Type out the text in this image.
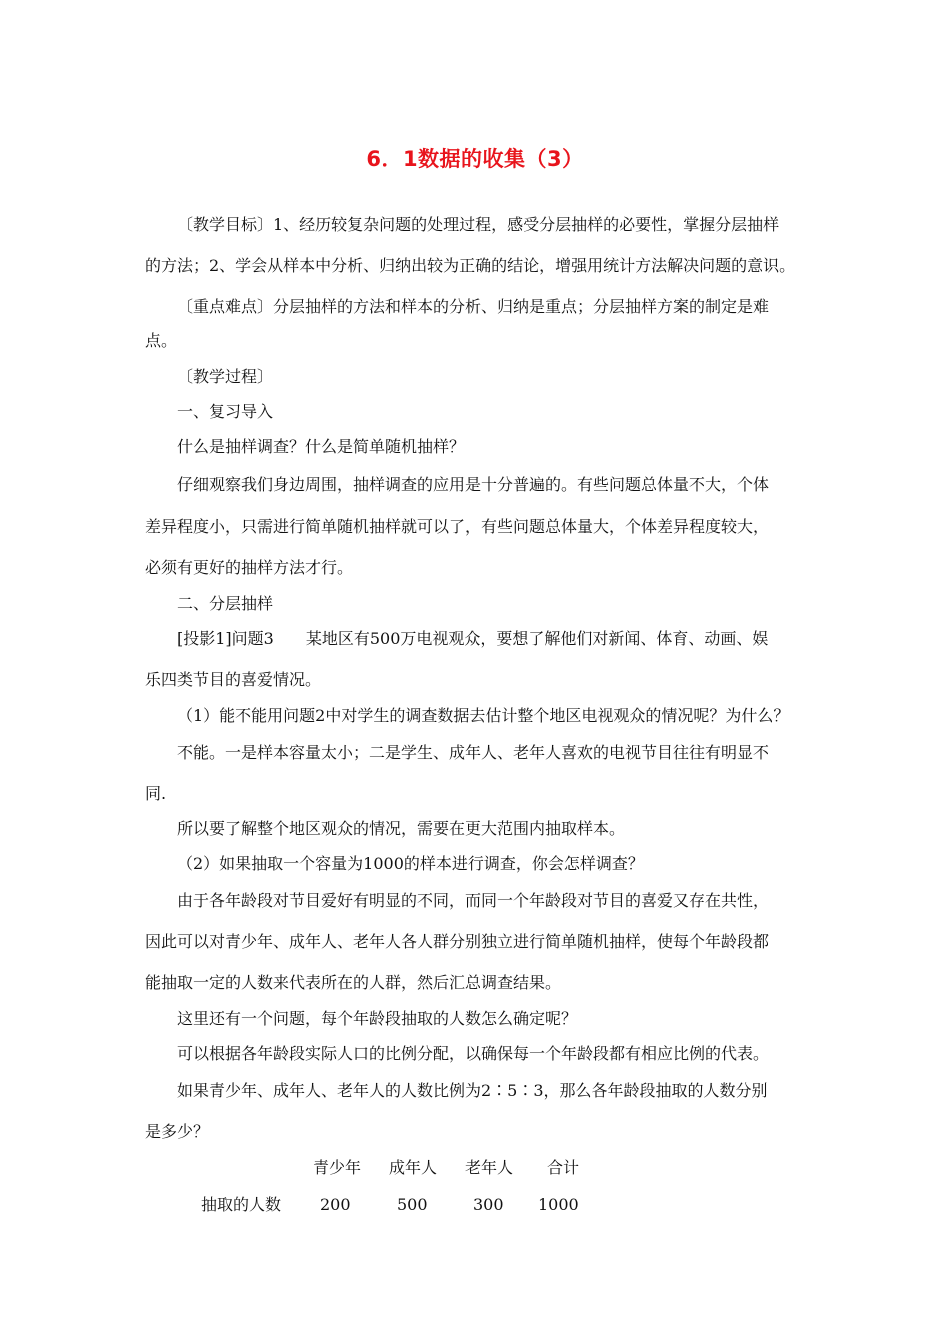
6．1数据的收集（3）
〔教学目标〕1、经历较复杂问题的处理过程，感受分层抽样的必要性，掌握分层抽样
的方法；2、学会从样本中分析、归纳出较为正确的结论，增强用统计方法解决问题的意识。
〔重点难点〕分层抽样的方法和样本的分析、归纳是重点；分层抽样方案的制定是难
点。
〔教学过程〕
一、复习导入
什么是抽样调查？什么是简单随机抽样？
仔细观察我们身边周围，抽样调查的应用是十分普遍的。有些问题总体量不大，个体
差异程度小，只需进行简单随机抽样就可以了，有些问题总体量大，个体差异程度较大，
必须有更好的抽样方法才行。
二、分层抽样
[投影1]问题3　　某地区有500万电视观众，要想了解他们对新闻、体育、动画、娱
乐四类节目的喜爱情况。
（1）能不能用问题2中对学生的调查数据去估计整个地区电视观众的情况呢？为什么？
不能。一是样本容量太小；二是学生、成年人、老年人喜欢的电视节目往往有明显不
同.
所以要了解整个地区观众的情况，需要在更大范围内抽取样本。
（2）如果抽取一个容量为1000的样本进行调查，你会怎样调查？
由于各年龄段对节目爱好有明显的不同，而同一个年龄段对节目的喜爱又存在共性，
因此可以对青少年、成年人、老年人各人群分别独立进行简单随机抽样，使每个年龄段都
能抽取一定的人数来代表所在的人群，然后汇总调查结果。
这里还有一个问题，每个年龄段抽取的人数怎么确定呢？
可以根据各年龄段实际人口的比例分配，以确保每一个年龄段都有相应比例的代表。
如果青少年、成年人、老年人的人数比例为2∶5∶3，那么各年龄段抽取的人数分别
是多少？
青少年 成年人 老年人 合计
抽取的人数 200	500	300 1000
